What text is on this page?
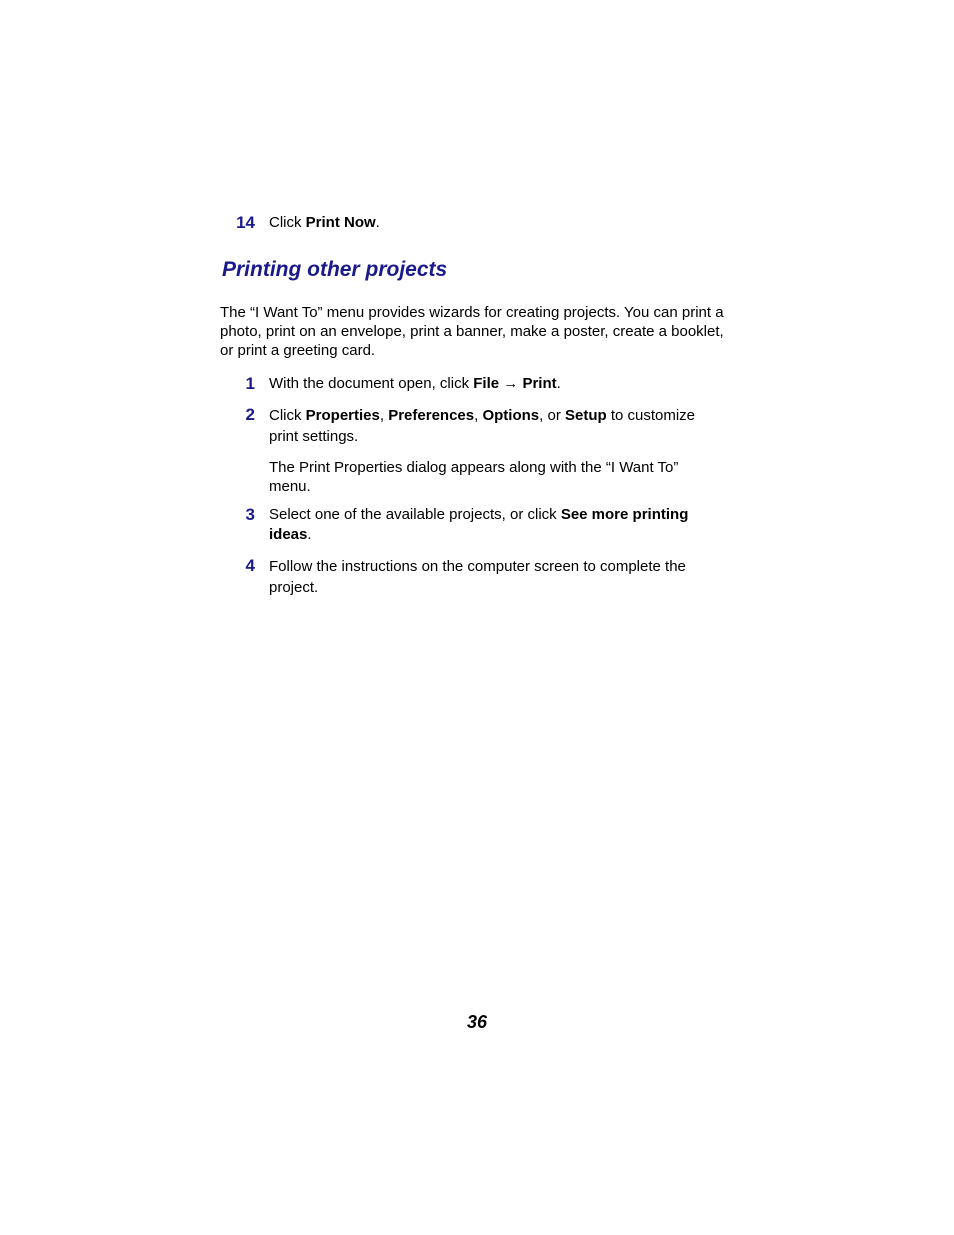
14 Click Print Now.
Printing other projects

The “I Want To” menu provides wizards for creating projects. You can print a photo, print on an envelope, print a banner, make a poster, create a booklet, or print a greeting card.

1 With the document open, click File → Print.
2 Click Properties, Preferences, Options, or Setup to customize print settings.

The Print Properties dialog appears along with the “I Want To” menu.

3 Select one of the available projects, or click See more printing ideas.
4 Follow the instructions on the computer screen to complete the project.
36
